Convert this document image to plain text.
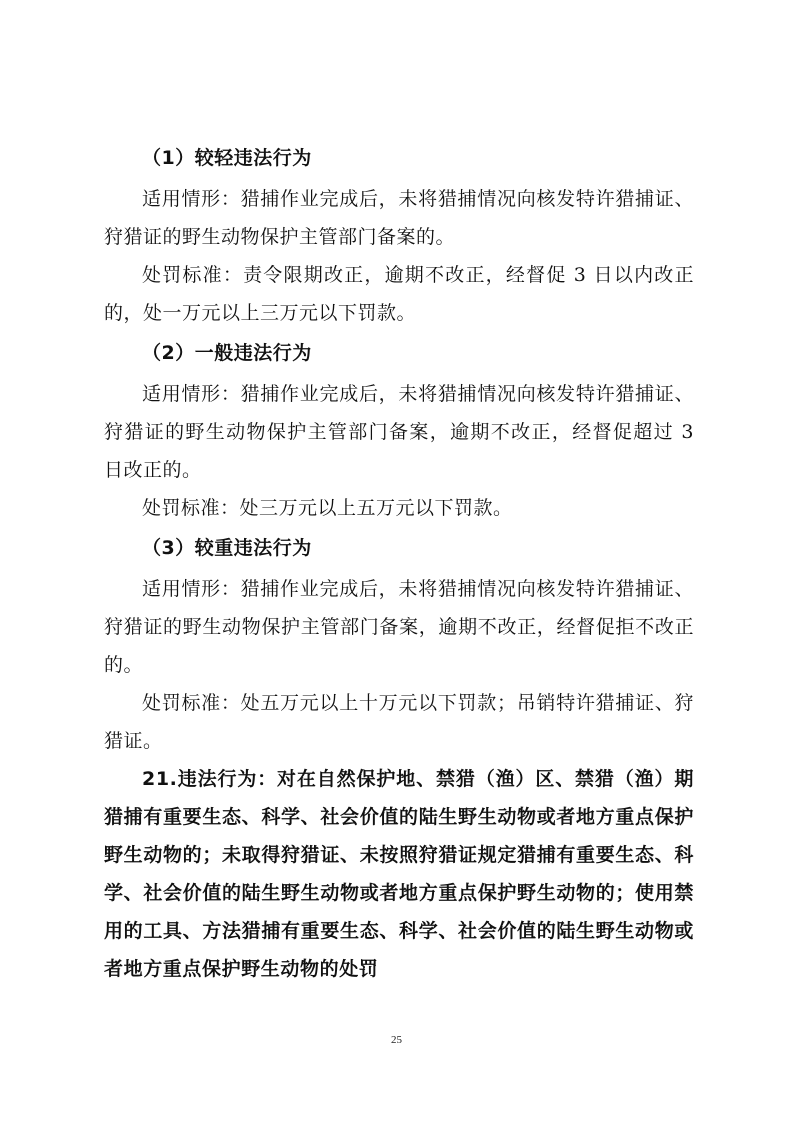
（1）较轻违法行为

适用情形：猎捕作业完成后，未将猎捕情况向核发特许猎捕证、狩猎证的野生动物保护主管部门备案的。

处罚标准：责令限期改正，逾期不改正，经督促 3 日以内改正的，处一万元以上三万元以下罚款。

（2）一般违法行为

适用情形：猎捕作业完成后，未将猎捕情况向核发特许猎捕证、狩猎证的野生动物保护主管部门备案，逾期不改正，经督促超过 3 日改正的。

处罚标准：处三万元以上五万元以下罚款。

（3）较重违法行为

适用情形：猎捕作业完成后，未将猎捕情况向核发特许猎捕证、狩猎证的野生动物保护主管部门备案，逾期不改正，经督促拒不改正的。

处罚标准：处五万元以上十万元以下罚款；吊销特许猎捕证、狩猎证。

21.违法行为：对在自然保护地、禁猎（渔）区、禁猎（渔）期猎捕有重要生态、科学、社会价值的陆生野生动物或者地方重点保护野生动物的；未取得狩猎证、未按照狩猎证规定猎捕有重要生态、科学、社会价值的陆生野生动物或者地方重点保护野生动物的；使用禁用的工具、方法猎捕有重要生态、科学、社会价值的陆生野生动物或者地方重点保护野生动物的处罚

25
